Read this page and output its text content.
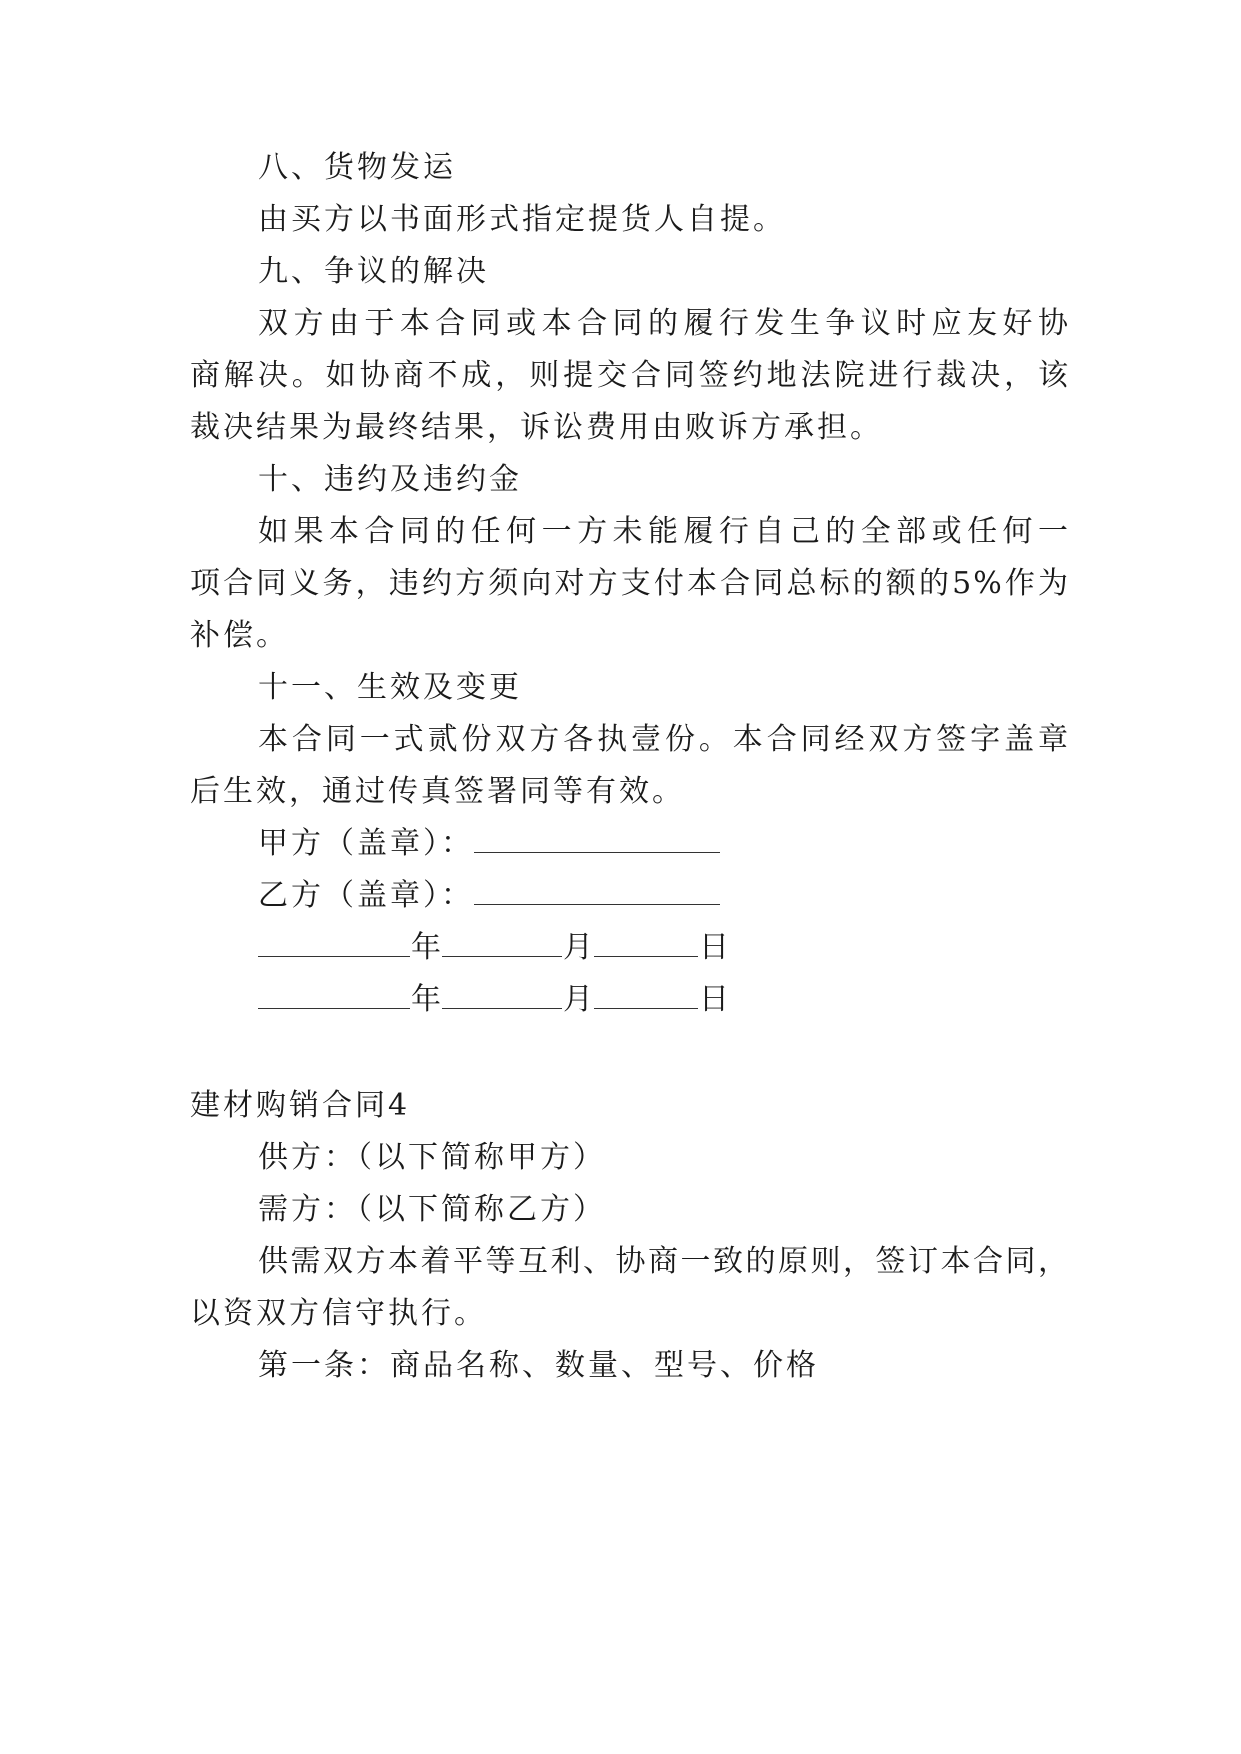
八、货物发运
由买方以书面形式指定提货人自提。
九、争议的解决
双方由于本合同或本合同的履行发生争议时应友好协
商解决。如协商不成，则提交合同签约地法院进行裁决，该
裁决结果为最终结果，诉讼费用由败诉方承担。
十、违约及违约金
如果本合同的任何一方未能履行自己的全部或任何一
项合同义务，违约方须向对方支付本合同总标的额的5%作为
补偿。
十一、生效及变更
本合同一式贰份双方各执壹份。本合同经双方签字盖章
后生效，通过传真签署同等有效。
甲方（盖章）：
乙方（盖章）：
年	月	日
年	月	日
建材购销合同4
供方：（以下简称甲方）
需方：（以下简称乙方）
供需双方本着平等互利、协商一致的原则，签订本合同，
以资双方信守执行。
第一条：商品名称、数量、型号、价格
